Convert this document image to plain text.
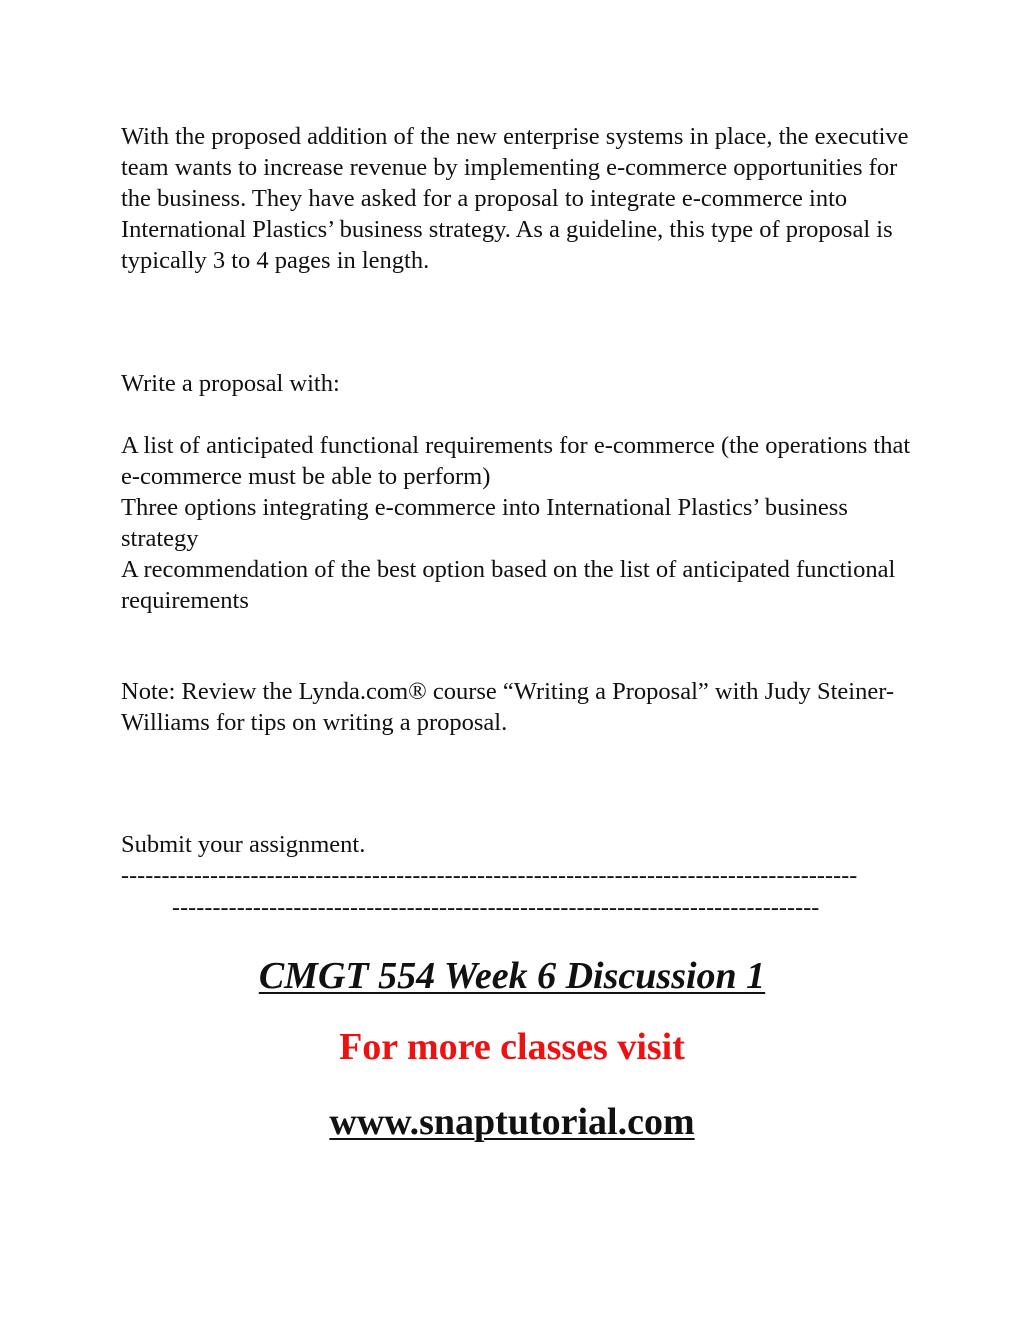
With the proposed addition of the new enterprise systems in place, the executive team wants to increase revenue by implementing e-commerce opportunities for the business. They have asked for a proposal to integrate e-commerce into International Plastics’ business strategy. As a guideline, this type of proposal is typically 3 to 4 pages in length.

Write a proposal with:

A list of anticipated functional requirements for e-commerce (the operations that e-commerce must be able to perform)
Three options integrating e-commerce into International Plastics’ business strategy
A recommendation of the best option based on the list of anticipated functional requirements

Note: Review the Lynda.com® course “Writing a Proposal” with Judy Steiner-Williams for tips on writing a proposal.

Submit your assignment.

-------------------------------------------------------------------------------------------

--------------------------------------------------------------------------------

CMGT 554 Week 6 Discussion 1

For more classes visit

www.snaptutorial.com
